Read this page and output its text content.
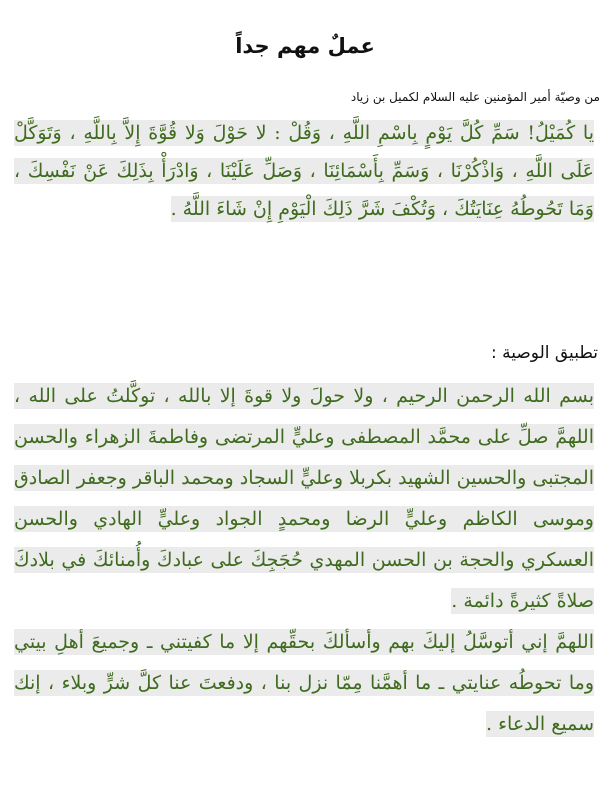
عملٌ مهم جداً
من وصيّة أمير المؤمنين عليه السلام لكميل بن زياد
يا كُمَيْلُ! سَمِّ كُلَّ يَوْمٍ بِاسْمِ اللَّهِ ، وَقُلْ : لا حَوْلَ وَلا قُوَّةَ إِلاَّ بِاللَّهِ ، وَتَوَكَّلْ عَلَى اللَّهِ ، وَاذْكُرْنَا ، وَسَمِّ بِأَسْمَائِنَا ، وَصَلِّ عَلَيْنَا ، وَادْرَأْ بِذَلِكَ عَنْ نَفْسِكَ ، وَمَا تَحُوطُهُ عِنَايَتُكَ ، وَتُكْفَ شَرَّ ذَلِكَ الْيَوْمِ إِنْ شَاءَ اللَّهُ .
تطبيق الوصية :

بسم الله الرحمن الرحيم ، ولا حولَ ولا قوةَ إلا بالله ، توكَّلتُ على الله ، اللهمَّ صلِّ على محمَّد المصطفى وعليٍّ المرتضى وفاطمةَ الزهراء والحسن المجتبى والحسين الشهيد بكربلا وعليٍّ السجاد ومحمد الباقر وجعفر الصادق وموسى الكاظم وعليٍّ الرضا ومحمدٍ الجواد وعليٍّ الهادي والحسن العسكري والحجة بن الحسن المهدي حُجَجِكَ على عبادكَ وأُمنائكَ في بلادكَ صلاةً كثيرةً دائمة .

اللهمَّ إني أتوسَّلُ إليكَ بهم وأسألكَ بحقِّهم إلا ما كفيتني ـ وجميعَ أهلِ بيتي وما تحوطُه عنايتي ـ ما أهمَّنا مِمّا نزل بنا ، ودفعتَ عنا كلَّ شرٍّ وبلاء ، إنك سميع الدعاء .
